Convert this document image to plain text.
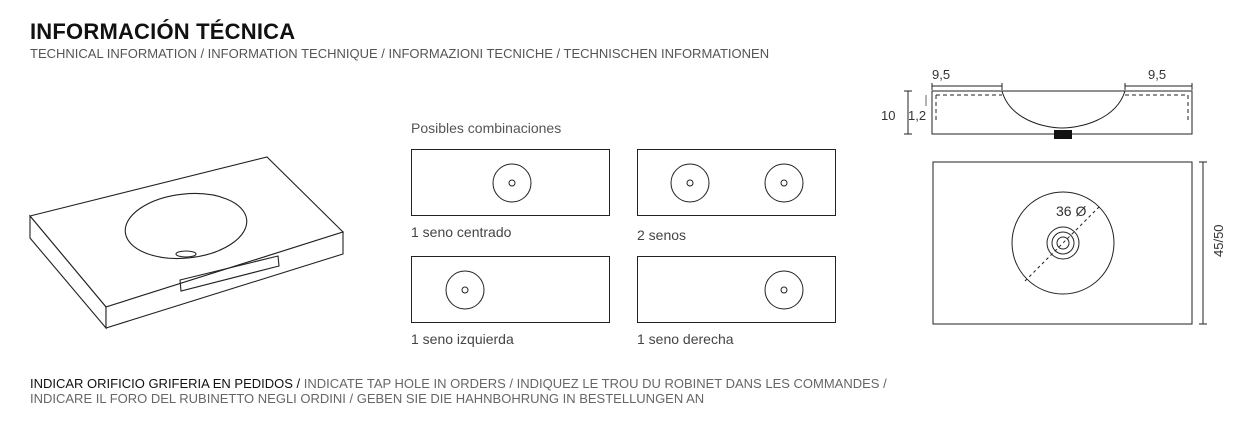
INFORMACIÓN TÉCNICA

TECHNICAL INFORMATION / INFORMATION TECHNIQUE / INFORMAZIONI TECNICHE / TECHNISCHEN INFORMATIONEN

Posibles combinaciones
1 seno centrado	2 senos
1 seno izquierda	1 seno derecha
9,5	9,5
10 1,2
36 Ø
45/50
INDICAR ORIFICIO GRIFERIA EN PEDIDOS / INDICATE TAP HOLE IN ORDERS / INDIQUEZ LE TROU DU ROBINET DANS LES COMMANDES /
INDICARE IL FORO DEL RUBINETTO NEGLI ORDINI / GEBEN SIE DIE HAHNBOHRUNG IN BESTELLUNGEN AN
